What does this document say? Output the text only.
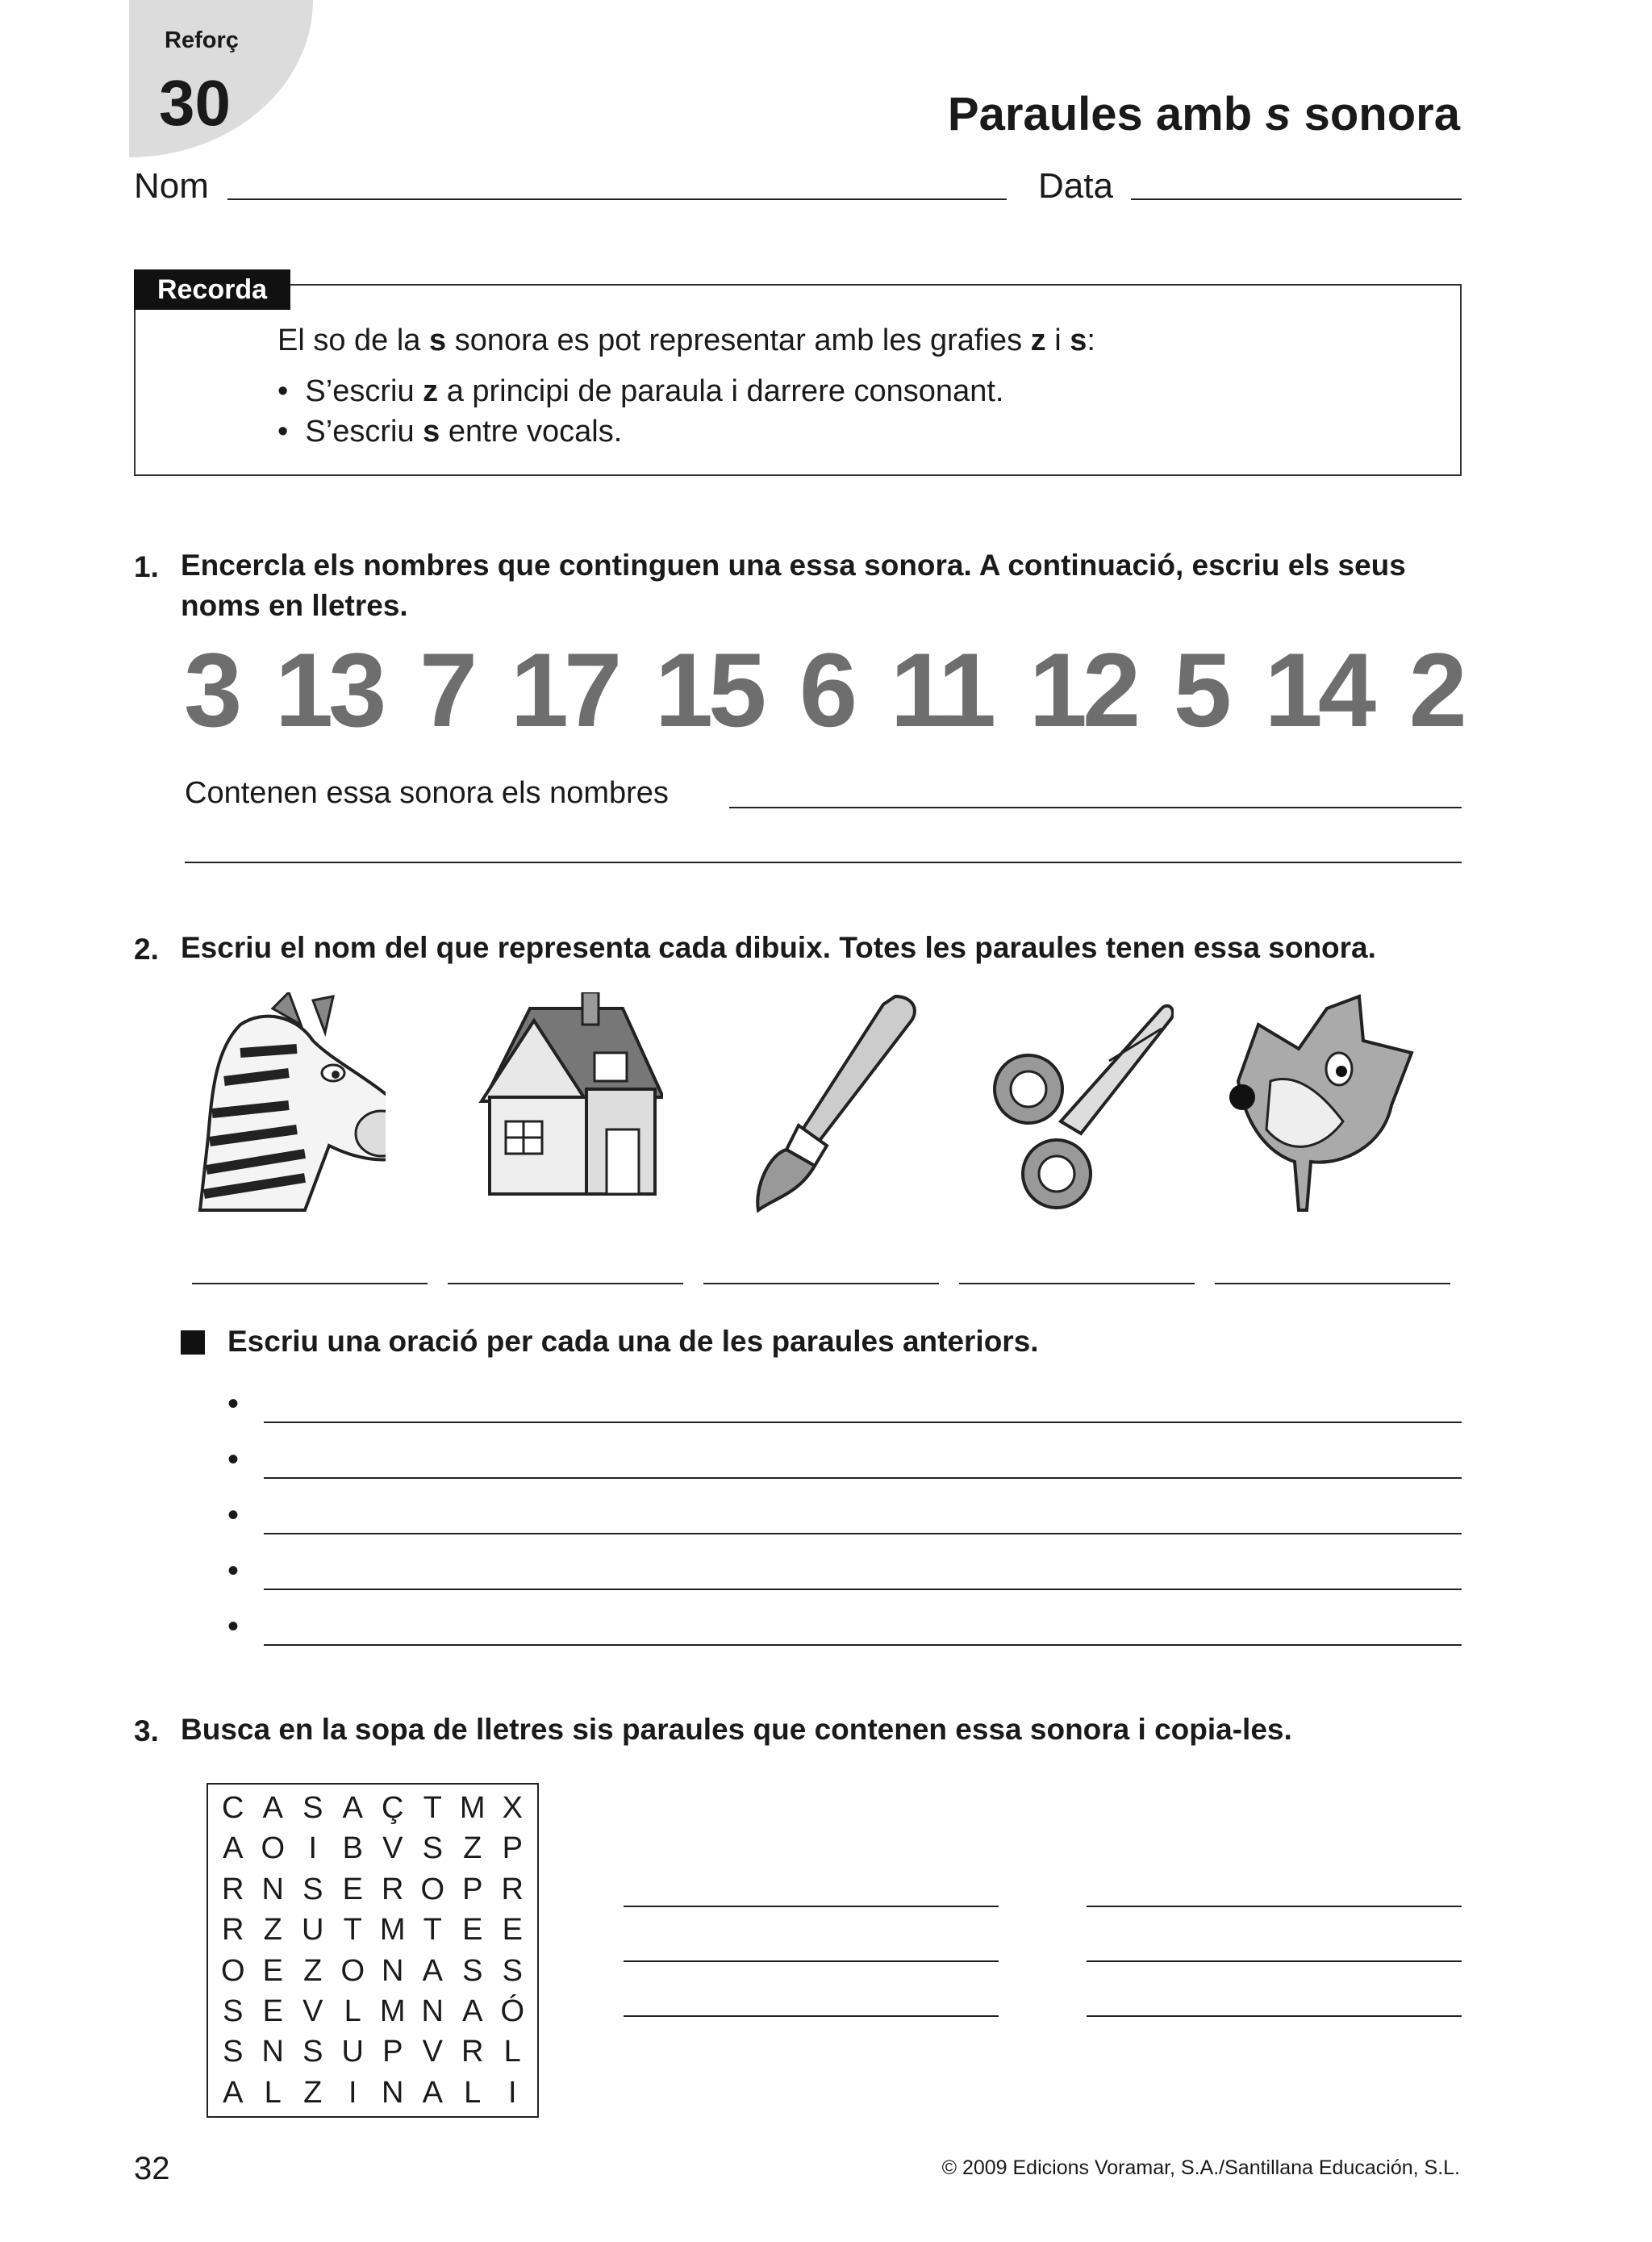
Reforç
30	Paraules amb s sonora
Nom	Data
Recorda
El so de la s sonora es pot representar amb les grafies z i s:
•  S’escriu z a principi de paraula i darrere consonant.
•  S’escriu s entre vocals.
1. Encercla els nombres que continguen una essa sonora. A continuació, escriu els seus noms en lletres.
3 13 7 17 15 6 11 12 5 14 2
Contenen essa sonora els nombres
2. Escriu el nom del que representa cada dibuix. Totes les paraules tenen essa sonora.
Escriu una oració per cada una de les paraules anteriors.
•
•
•
•
•
3. Busca en la sopa de lletres sis paraules que contenen essa sonora i copia-les.
C A S A Ç T M X
A O I B V S Z P
R N S E R O P R
R Z U T M T E E
O E Z O N A S S
S E V L M N A Ó
S N S U P V R L
A L Z I N A L I
32	© 2009 Edicions Voramar, S.A./Santillana Educación, S.L.
